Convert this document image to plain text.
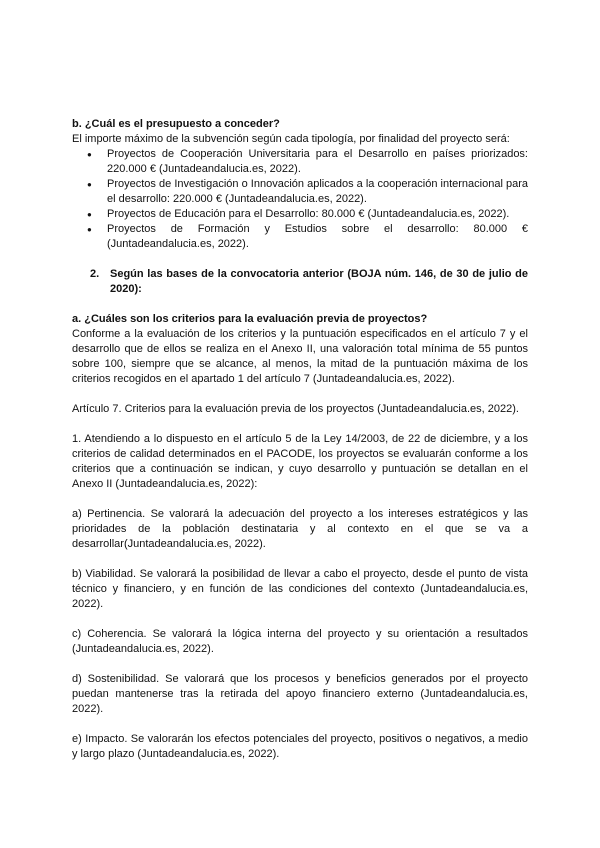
b. ¿Cuál es el presupuesto a conceder?

El importe máximo de la subvención según cada tipología, por finalidad del proyecto será:

● Proyectos de Cooperación Universitaria para el Desarrollo en países priorizados: 220.000 € (Juntadeandalucia.es, 2022).
● Proyectos de Investigación o Innovación aplicados a la cooperación internacional para el desarrollo: 220.000 € (Juntadeandalucia.es, 2022).
● Proyectos de Educación para el Desarrollo: 80.000 € (Juntadeandalucia.es, 2022).
● Proyectos de Formación y Estudios sobre el desarrollo: 80.000 € (Juntadeandalucia.es, 2022).
2. Según las bases de la convocatoria anterior (BOJA núm. 146, de 30 de julio de 2020):

a. ¿Cuáles son los criterios para la evaluación previa de proyectos?

Conforme a la evaluación de los criterios y la puntuación especificados en el artículo 7 y el desarrollo que de ellos se realiza en el Anexo II, una valoración total mínima de 55 puntos sobre 100, siempre que se alcance, al menos, la mitad de la puntuación máxima de los criterios recogidos en el apartado 1 del artículo 7 (Juntadeandalucia.es, 2022).

Artículo 7. Criterios para la evaluación previa de los proyectos (Juntadeandalucia.es, 2022).

1. Atendiendo a lo dispuesto en el artículo 5 de la Ley 14/2003, de 22 de diciembre, y a los criterios de calidad determinados en el PACODE, los proyectos se evaluarán conforme a los criterios que a continuación se indican, y cuyo desarrollo y puntuación se detallan en el Anexo II (Juntadeandalucia.es, 2022):

a) Pertinencia. Se valorará la adecuación del proyecto a los intereses estratégicos y las prioridades de la población destinataria y al contexto en el que se va a desarrollar(Juntadeandalucia.es, 2022).

b) Viabilidad. Se valorará la posibilidad de llevar a cabo el proyecto, desde el punto de vista técnico y financiero, y en función de las condiciones del contexto (Juntadeandalucia.es, 2022).

c) Coherencia. Se valorará la lógica interna del proyecto y su orientación a resultados (Juntadeandalucia.es, 2022).

d) Sostenibilidad. Se valorará que los procesos y beneficios generados por el proyecto puedan mantenerse tras la retirada del apoyo financiero externo (Juntadeandalucia.es, 2022).

e) Impacto. Se valorarán los efectos potenciales del proyecto, positivos o negativos, a medio y largo plazo (Juntadeandalucia.es, 2022).
